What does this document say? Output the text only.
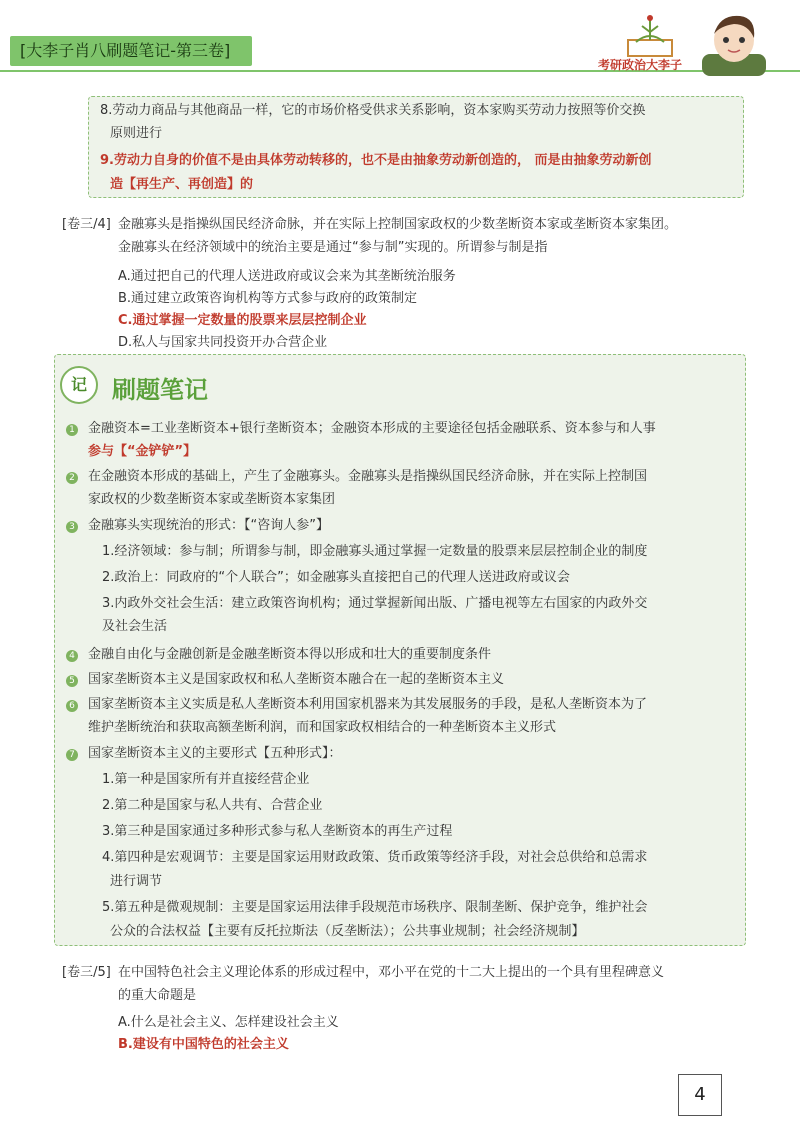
[大李子肖八刷题笔记-第三卷]
考研政治大李子
8.劳动力商品与其他商品一样，它的市场价格受供求关系影响，资本家购买劳动力按照等价交换
原则进行
9.劳动力自身的价值不是由具体劳动转移的，也不是由抽象劳动新创造的， 而是由抽象劳动新创
造【再生产、再创造】的
[卷三/4] 金融寡头是指操纵国民经济命脉，并在实际上控制国家政权的少数垄断资本家或垄断资本家集团。
金融寡头在经济领域中的统治主要是通过“参与制”实现的。所谓参与制是指
A.通过把自己的代理人送进政府或议会来为其垄断统治服务
B.通过建立政策咨询机构等方式参与政府的政策制定
C.通过掌握一定数量的股票来层层控制企业
D.私人与国家共同投资开办合营企业
记	刷题笔记
1 金融资本=工业垄断资本+银行垄断资本；金融资本形成的主要途径包括金融联系、资本参与和人事
参与【“金铲铲”】
2 在金融资本形成的基础上，产生了金融寡头。金融寡头是指操纵国民经济命脉，并在实际上控制国
家政权的少数垄断资本家或垄断资本家集团
3 金融寡头实现统治的形式：【“咨询人参”】
1.经济领域：参与制；所谓参与制，即金融寡头通过掌握一定数量的股票来层层控制企业的制度
2.政治上：同政府的“个人联合”；如金融寡头直接把自己的代理人送进政府或议会
3.内政外交社会生活：建立政策咨询机构；通过掌握新闻出版、广播电视等左右国家的内政外交
及社会生活
4 金融自由化与金融创新是金融垄断资本得以形成和壮大的重要制度条件
5 国家垄断资本主义是国家政权和私人垄断资本融合在一起的垄断资本主义
6 国家垄断资本主义实质是私人垄断资本利用国家机器来为其发展服务的手段，是私人垄断资本为了
维护垄断统治和获取高额垄断利润，而和国家政权相结合的一种垄断资本主义形式
7 国家垄断资本主义的主要形式【五种形式】：
1.第一种是国家所有并直接经营企业
2.第二种是国家与私人共有、合营企业
3.第三种是国家通过多种形式参与私人垄断资本的再生产过程
4.第四种是宏观调节：主要是国家运用财政政策、货币政策等经济手段，对社会总供给和总需求
进行调节
5.第五种是微观规制：主要是国家运用法律手段规范市场秩序、限制垄断、保护竞争，维护社会
公众的合法权益【主要有反托拉斯法（反垄断法）；公共事业规制；社会经济规制】
[卷三/5] 在中国特色社会主义理论体系的形成过程中，邓小平在党的十二大上提出的一个具有里程碑意义
的重大命题是
A.什么是社会主义、怎样建设社会主义
B.建设有中国特色的社会主义
4
